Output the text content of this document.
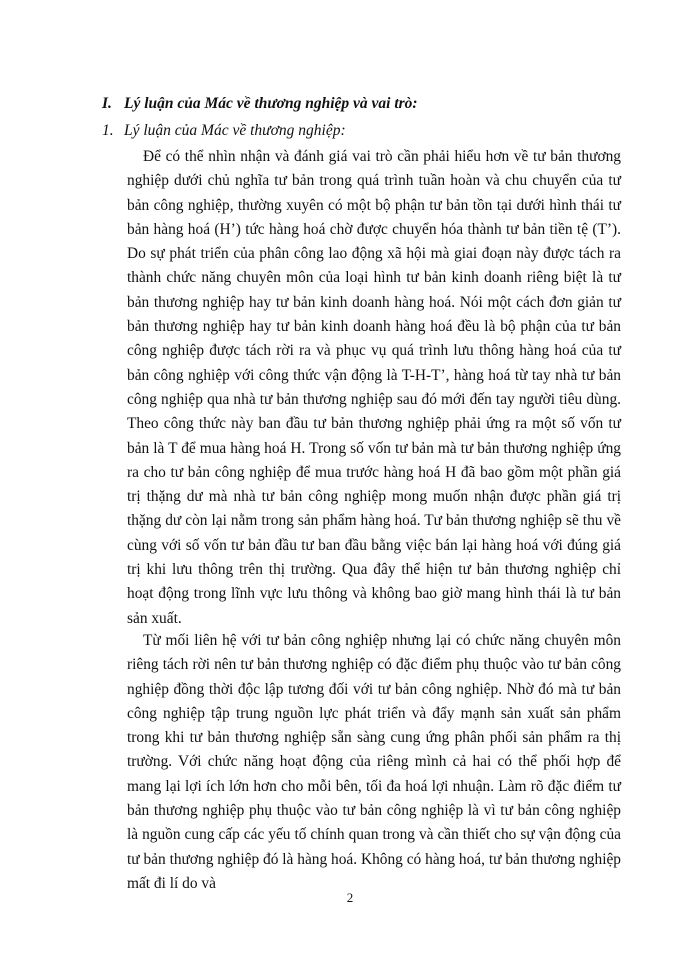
I. Lý luận của Mác về thương nghiệp và vai trò:
1. Lý luận của Mác về thương nghiệp:

Để có thể nhìn nhận và đánh giá vai trò cần phải hiểu hơn về tư bản thương nghiệp dưới chủ nghĩa tư bản trong quá trình tuần hoàn và chu chuyển của tư bản công nghiệp, thường xuyên có một bộ phận tư bản tồn tại dưới hình thái tư bản hàng hoá (H’) tức hàng hoá chờ được chuyển hóa thành tư bản tiền tệ (T’). Do sự phát triển của phân công lao động xã hội mà giai đoạn này được tách ra thành chức năng chuyên môn của loại hình tư bản kinh doanh riêng biệt là tư bản thương nghiệp hay tư bản kinh doanh hàng hoá. Nói một cách đơn giản tư bản thương nghiệp hay tư bản kinh doanh hàng hoá đều là bộ phận của tư bản công nghiệp được tách rời ra và phục vụ quá trình lưu thông hàng hoá của tư bản công nghiệp với công thức vận động là T-H-T’, hàng hoá từ tay nhà tư bản công nghiệp qua nhà tư bản thương nghiệp sau đó mới đến tay người tiêu dùng. Theo công thức này ban đầu tư bản thương nghiệp phải ứng ra một số vốn tư bản là T để mua hàng hoá H. Trong số vốn tư bản mà tư bản thương nghiệp ứng ra cho tư bản công nghiệp để mua trước hàng hoá H đã bao gồm một phần giá trị thặng dư mà nhà tư bản công nghiệp mong muốn nhận được phần giá trị thặng dư còn lại nằm trong sản phẩm hàng hoá. Tư bản thương nghiệp sẽ thu về cùng với số vốn tư bản đầu tư ban đầu bằng việc bán lại hàng hoá với đúng giá trị khi lưu thông trên thị trường. Qua đây thể hiện tư bản thương nghiệp chỉ hoạt động trong lĩnh vực lưu thông và không bao giờ mang hình thái là tư bản sản xuất.

Từ mối liên hệ với tư bản công nghiệp nhưng lại có chức năng chuyên môn riêng tách rời nên tư bản thương nghiệp có đặc điểm phụ thuộc vào tư bản công nghiệp đồng thời độc lập tương đối với tư bản công nghiệp. Nhờ đó mà tư bản công nghiệp tập trung nguồn lực phát triển và đẩy mạnh sản xuất sản phẩm trong khi tư bản thương nghiệp sẵn sàng cung ứng phân phối sản phẩm ra thị trường. Với chức năng hoạt động của riêng mình cả hai có thể phối hợp để mang lại lợi ích lớn hơn cho mỗi bên, tối đa hoá lợi nhuận. Làm rõ đặc điểm tư bản thương nghiệp phụ thuộc vào tư bản công nghiệp là vì tư bản công nghiệp là nguồn cung cấp các yếu tố chính quan trong và cần thiết cho sự vận động của tư bản thương nghiệp đó là hàng hoá. Không có hàng hoá, tư bản thương nghiệp mất đi lí do và

2
